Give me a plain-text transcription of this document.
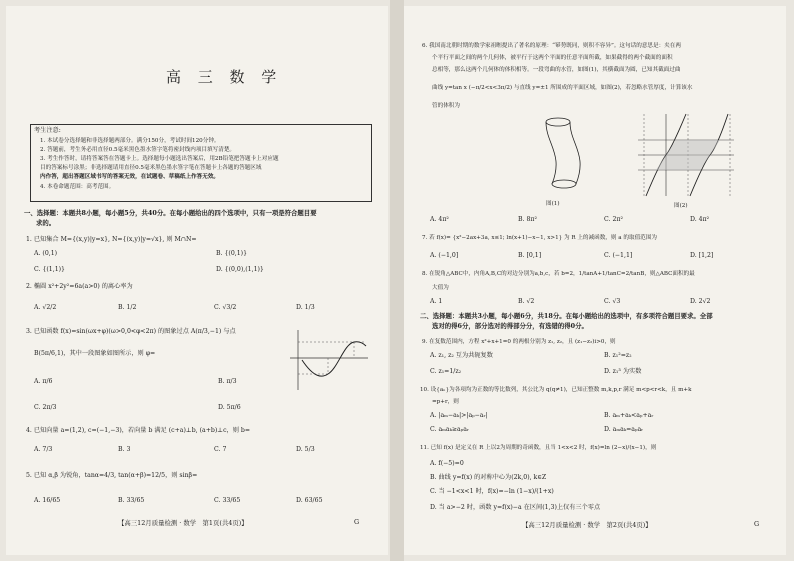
高 三 数 学
考生注意:
1. 本试卷分选择题和非选择题两部分。满分150分，考试时间120分钟。
2. 答题前，考生务必用直径0.5毫米黑色墨水签字笔将密封线内项目填写清楚。
3. 考生作答时，请将答案答在答题卡上。选择题每小题选出答案后，用2B铅笔把答题卡上对应题
目的答案标号涂黑；非选择题请用直径0.5毫米黑色墨水签字笔在答题卡上各题的答题区域
内作答，超出答题区域书写的答案无效，在试题卷、草稿纸上作答无效。
4. 本卷命题范围：高考范围。
一、选择题：本题共8小题，每小题5分，共40分。在每小题给出的四个选项中，只有一项是符合题目要
求的。
1. 已知集合 M={(x,y)|y=x}, N={(x,y)|y=√x}, 则 M∩N=
A. (0,1)	B. {(0,1)}
C. {(1,1)}	D. {(0,0),(1,1)}
2. 椭圆 x²+2y²=6a(a>0) 的离心率为
A. √2/2	B. 1/2	C. √3/2	D. 1/3
3. 已知函数 f(x)=sin(ωx+φ)(ω>0,0<φ<2π) 的图象过点 A(π/3,−1) 与点
B(5π/6,1)，其中一段图象如图所示，则 φ=
A. π/6	B. π/3
C. 2π/3	D. 5π/6
4. 已知向量 a=(1,2), c=(−1,−3)，若向量 b 满足 (c+a)⊥b, (a+b)⊥c，则 b=
A. 7/3	B. 3	C. 7	D. 5/3
5. 已知 α,β 为锐角，tanα=4/3, tan(α+β)=12/5，则 sinβ=
A. 16/65	B. 33/65	C. 33/65	D. 63/65
【高三12月质量检测 · 数学　第1页(共4页)】	G
6. 我国南北朝时期的数学家祖暅提出了著名的原理：“幂势既同，则积不容异”。这句话的意思是：夹在两
个平行平面之间的两个几何体，被平行于这两个平面的任意平面所截，如果截得的两个截面的面积
总相等，那么这两个几何体的体积相等。一段弯曲的水管，如图(1)，其横截面为圆，已知其截面过曲
曲线 y=tan x (−π/2<x<3π/2) 与直线 y=±1 所围成的平面区域，如图(2)，若忽略水管厚度，计算该水
管的体积为
图(1)	图(2)
A. 4π²	B. 8π²	C. 2π²	D. 4π²
7. 若 f(x)= {x²−2ax+3a, x≤1; ln(x+1)−x−1, x>1} 为 R 上的减函数，则 a 的取值范围为
A. (−1,0]	B. [0,1]	C. (−1,1]	D. [1,2]
8. 在锐角△ABC中，内角A,B,C的对边分别为a,b,c，若 b=2，1/tanA+1/tanC=2/tanB，则△ABC面积的最
大值为
A. 1	B. √2	C. √3	D. 2√2
二、选择题：本题共3小题，每小题6分，共18分。在每小题给出的选项中，有多项符合题目要求。全部
选对的得6分，部分选对的得部分分，有选错的得0分。
9. 在复数范围内，方程 x²+x+1=0 的两根分别为 z₁, z₂，且 (z₁−z₂)i>0，则
A. z₁, z₂ 互为共轭复数	B. z₁²=z₂
C. z₁=1/z₂	D. z₁³ 为实数
10. 设{aₙ}为各项均为正数的等比数列，其公比为 q(q≠1)，已知正整数 m,k,p,r 满足 m<p<r<k，且 m+k
=p+r，则
A. |aₘ−aₖ|>|aₚ−aᵣ|	B. aₘ+aₖ<aₚ+aᵣ
C. aₘaₖ≥aₚaᵣ	D. aₘaₖ=aₚaᵣ
11. 已知 f(x) 是定义在 R 上以2为周期的奇函数，且当 1<x<2 时，f(x)=ln (2−x)/(x−1)，则
A. f(−5)=0
B. 曲线 y=f(x) 的对称中心为(2k,0), k∈Z
C. 当 −1<x<1 时，f(x)=−ln (1−x)/(1+x)
D. 当 a>−2 时，函数 y=f(x)−a 在区间(1,3)上仅有三个零点
【高三12月质量检测 · 数学　第2页(共4页)】	G
